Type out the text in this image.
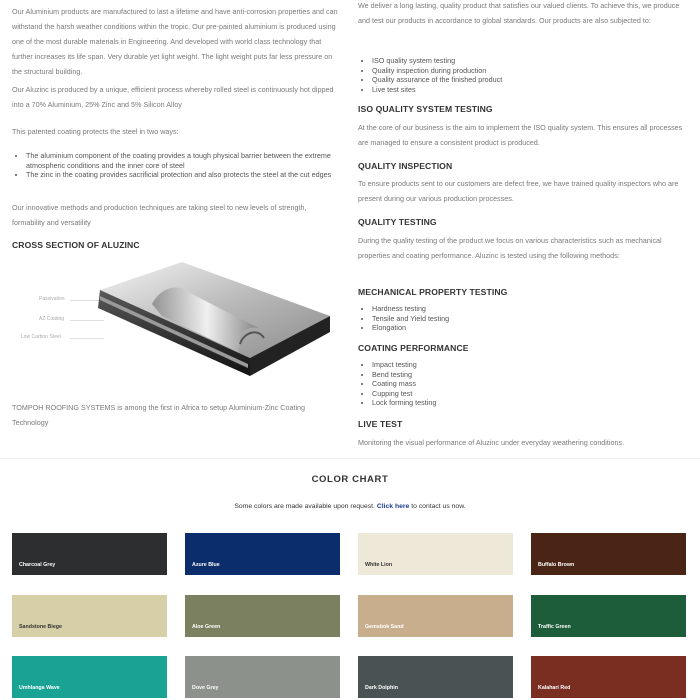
Our Aluminium products are manufactured to last a lifetime and have anti-corrosion properties and can withstand the harsh weather conditions within the tropic. Our pre-painted aluminium is produced using one of the most durable materials in Engineering. And developed with world class technology that further increases its life span. Very durable yet light weight. The light weight puts far less pressure on the structural building.

Our Aluzinc is produced by a unique, efficient process whereby rolled steel is continuously hot dipped into a 70% Aluminium, 25% Zinc and 5% Silicon Alloy

This patented coating protects the steel in two ways:

• The aluminium component of the coating provides a tough physical barrier between the extreme atmospheric conditions and the inner core of steel
• The zinc in the coating provides sacrificial protection and also protects the steel at the cut edges

Our innovative methods and production techniques are taking steel to new levels of strength, formability and versatility

CROSS SECTION OF ALUZINC

TOMPOH ROOFING SYSTEMS is among the first in Africa to setup Aluminium-Zinc Coating Technology

Passivation
AZ Coating
Low Carbon Steel

We deliver a long lasting, quality product that satisfies our valued clients. To achieve this, we produce and test our products in accordance to global standards. Our products are also subjected to:

• ISO quality system testing
• Quality inspection during production
• Quality assurance of the finished product
• Live test sites
ISO QUALITY SYSTEM TESTING

At the core of our business is the aim to implement the ISO quality system. This ensures all processes are managed to ensure a consistent product is produced.

QUALITY INSPECTION

To ensure products sent to our customers are defect free, we have trained quality inspectors who are present during our various production processes.

QUALITY TESTING

During the quality testing of the product we focus on various characteristics such as mechanical properties and coating performance. Aluzinc is tested using the following methods:

MECHANICAL PROPERTY TESTING
• Hardness testing
• Tensile and Yield testing
• Elongation
COATING PERFORMANCE
• Impact testing
• Bend testing
• Coating mass
• Cupping test
• Lock forming testing
LIVE TEST

Monitoring the visual performance of Aluzinc under everyday weathering conditions.

COLOR CHART
Some colors are made available upon request. Click here to contact us now.
Charcoal Grey	Azure Blue	White Lion	Buffalo Brown
Sandstone Biege	Aloe Green	Gemsbok Sand	Traffic Green
Umhlanga Wave	Dove Grey	Dark Dolphin	Kalahari Red
